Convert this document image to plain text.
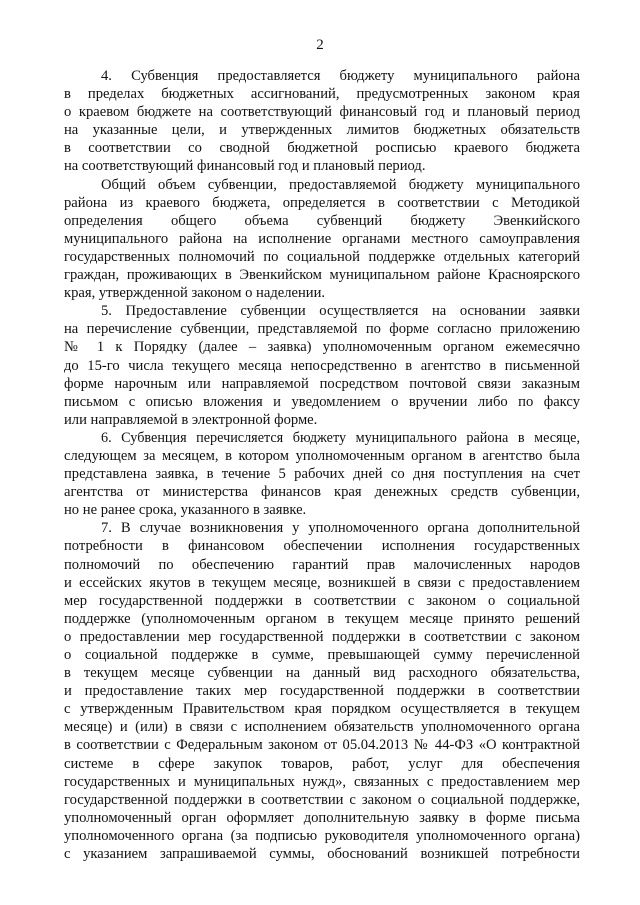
2

4. Субвенция предоставляется бюджету муниципального района
в пределах бюджетных ассигнований, предусмотренных законом края
о краевом бюджете на соответствующий финансовый год и плановый период
на указанные цели, и утвержденных лимитов бюджетных обязательств
в соответствии со сводной бюджетной росписью краевого бюджета
на соответствующий финансовый год и плановый период.

Общий объем субвенции, предоставляемой бюджету муниципального
района из краевого бюджета, определяется в соответствии с Методикой
определения общего объема субвенций бюджету Эвенкийского
муниципального района на исполнение органами местного самоуправления
государственных полномочий по социальной поддержке отдельных категорий
граждан, проживающих в Эвенкийском муниципальном районе Красноярского
края, утвержденной законом о наделении.

5. Предоставление субвенции осуществляется на основании заявки
на перечисление субвенции, представляемой по форме согласно приложению
№ 1 к Порядку (далее – заявка) уполномоченным органом ежемесячно
до 15-го числа текущего месяца непосредственно в агентство в письменной
форме нарочным или направляемой посредством почтовой связи заказным
письмом с описью вложения и уведомлением о вручении либо по факсу
или направляемой в электронной форме.

6. Субвенция перечисляется бюджету муниципального района в месяце,
следующем за месяцем, в котором уполномоченным органом в агентство была
представлена заявка, в течение 5 рабочих дней со дня поступления на счет
агентства от министерства финансов края денежных средств субвенции,
но не ранее срока, указанного в заявке.

7. В случае возникновения у уполномоченного органа дополнительной
потребности в финансовом обеспечении исполнения государственных
полномочий по обеспечению гарантий прав малочисленных народов
и ессейских якутов в текущем месяце, возникшей в связи с предоставлением
мер государственной поддержки в соответствии с законом о социальной
поддержке (уполномоченным органом в текущем месяце принято решений
о предоставлении мер государственной поддержки в соответствии с законом
о социальной поддержке в сумме, превышающей сумму перечисленной
в текущем месяце субвенции на данный вид расходного обязательства,
и предоставление таких мер государственной поддержки в соответствии
с утвержденным Правительством края порядком осуществляется в текущем
месяце) и (или) в связи с исполнением обязательств уполномоченного органа
в соответствии с Федеральным законом от 05.04.2013 № 44-ФЗ «О контрактной
системе в сфере закупок товаров, работ, услуг для обеспечения
государственных и муниципальных нужд», связанных с предоставлением мер
государственной поддержки в соответствии с законом о социальной поддержке,
уполномоченный орган оформляет дополнительную заявку в форме письма
уполномоченного органа (за подписью руководителя уполномоченного органа)
с указанием запрашиваемой суммы, обоснований возникшей потребности
